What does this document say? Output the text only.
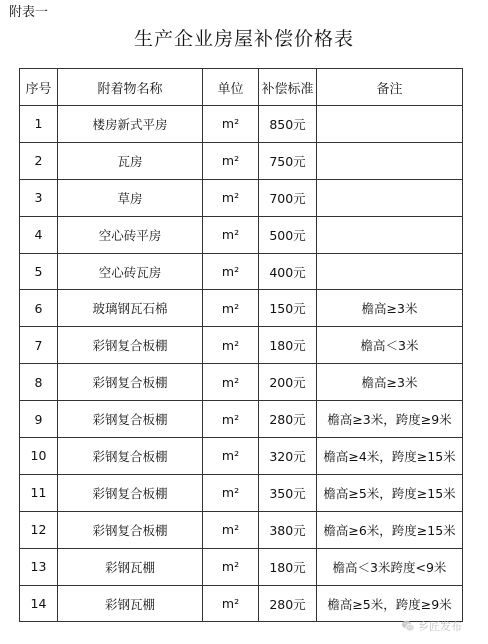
附表一
生产企业房屋补偿价格表
序号	附着物名称	单位	补偿标准	备注
1	楼房新式平房	m²	850元	
2	瓦房	m²	750元	
3	草房	m²	700元	
4	空心砖平房	m²	500元	
5	空心砖瓦房	m²	400元	
6	玻璃钢瓦石棉	m²	150元	檐高≥3米
7	彩钢复合板棚	m²	180元	檐高＜3米
8	彩钢复合板棚	m²	200元	檐高≥3米
9	彩钢复合板棚	m²	280元	檐高≥3米，跨度≥9米
10	彩钢复合板棚	m²	320元	檐高≥4米，跨度≥15米
11	彩钢复合板棚	m²	350元	檐高≥5米，跨度≥15米
12	彩钢复合板棚	m²	380元	檐高≥6米，跨度≥15米
13	彩钢瓦棚	m²	180元	檐高＜3米跨度<9米
14	彩钢瓦棚	m²	280元	檐高≥5米，跨度≥9米
乡匠发布
